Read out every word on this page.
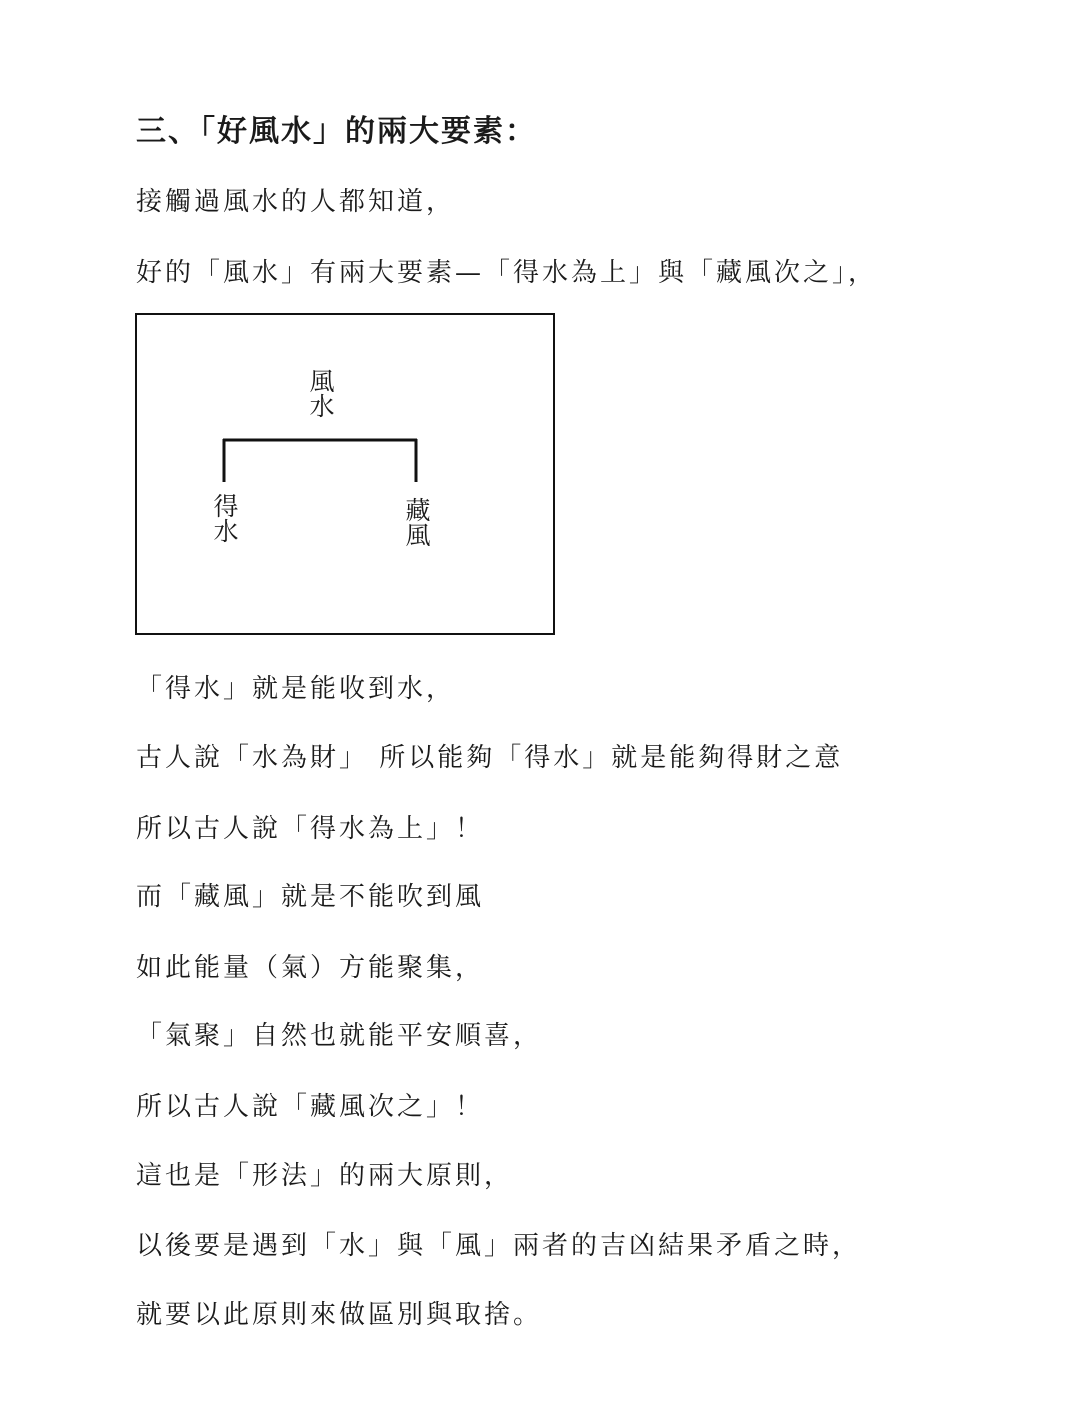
三、「好風水」的兩大要素：
接觸過風水的人都知道，
好的「風水」有兩大要素—「得水為上」與「藏風次之」，
風水
得水	藏風
「得水」就是能收到水，
古人說「水為財」 所以能夠「得水」就是能夠得財之意
所以古人說「得水為上」！
而「藏風」就是不能吹到風
如此能量（氣）方能聚集，
「氣聚」自然也就能平安順喜，
所以古人說「藏風次之」！
這也是「形法」的兩大原則，
以後要是遇到「水」與「風」兩者的吉凶結果矛盾之時，
就要以此原則來做區別與取捨。
